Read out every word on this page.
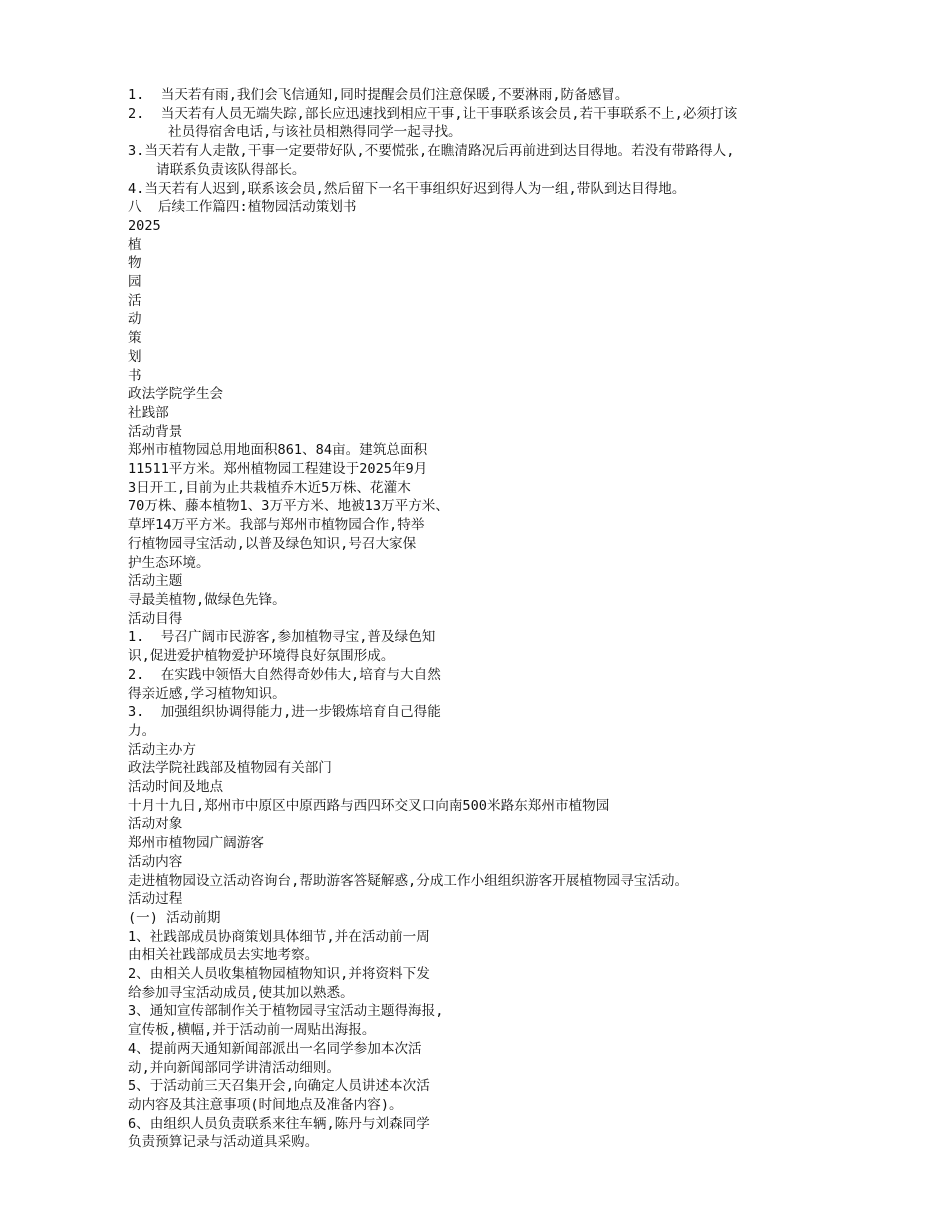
1.  当天若有雨,我们会飞信通知,同时提醒会员们注意保暖,不要淋雨,防备感冒。
2.  当天若有人员无端失踪,部长应迅速找到相应干事,让干事联系该会员,若干事联系不上,必须打该
社员得宿舍电话,与该社员相熟得同学一起寻找。
3.当天若有人走散,干事一定要带好队,不要慌张,在瞧清路况后再前进到达目得地。若没有带路得人,
请联系负责该队得部长。
4.当天若有人迟到,联系该会员,然后留下一名干事组织好迟到得人为一组,带队到达目得地。
八  后续工作篇四:植物园活动策划书
2025
植
物
园
活
动
策
划
书
政法学院学生会
社践部
活动背景
郑州市植物园总用地面积861、84亩。建筑总面积
11511平方米。郑州植物园工程建设于2025年9月
3日开工,目前为止共栽植乔木近5万株、花灌木
70万株、藤本植物1、3万平方米、地被13万平方米、
草坪14万平方米。我部与郑州市植物园合作,特举
行植物园寻宝活动,以普及绿色知识,号召大家保
护生态环境。
活动主题
寻最美植物,做绿色先锋。
活动目得
1.  号召广阔市民游客,参加植物寻宝,普及绿色知
识,促进爱护植物爱护环境得良好氛围形成。
2.  在实践中领悟大自然得奇妙伟大,培育与大自然
得亲近感,学习植物知识。
3.  加强组织协调得能力,进一步锻炼培育自己得能
力。
活动主办方
政法学院社践部及植物园有关部门
活动时间及地点
十月十九日,郑州市中原区中原西路与西四环交叉口向南500米路东郑州市植物园
活动对象
郑州市植物园广阔游客
活动内容
走进植物园设立活动咨询台,帮助游客答疑解惑,分成工作小组组织游客开展植物园寻宝活动。
活动过程
(一) 活动前期
1、社践部成员协商策划具体细节,并在活动前一周
由相关社践部成员去实地考察。
2、由相关人员收集植物园植物知识,并将资料下发
给参加寻宝活动成员,使其加以熟悉。
3、通知宣传部制作关于植物园寻宝活动主题得海报,
宣传板,横幅,并于活动前一周贴出海报。
4、提前两天通知新闻部派出一名同学参加本次活
动,并向新闻部同学讲清活动细则。
5、于活动前三天召集开会,向确定人员讲述本次活
动内容及其注意事项(时间地点及准备内容)。
6、由组织人员负责联系来往车辆,陈丹与刘森同学
负责预算记录与活动道具采购。
